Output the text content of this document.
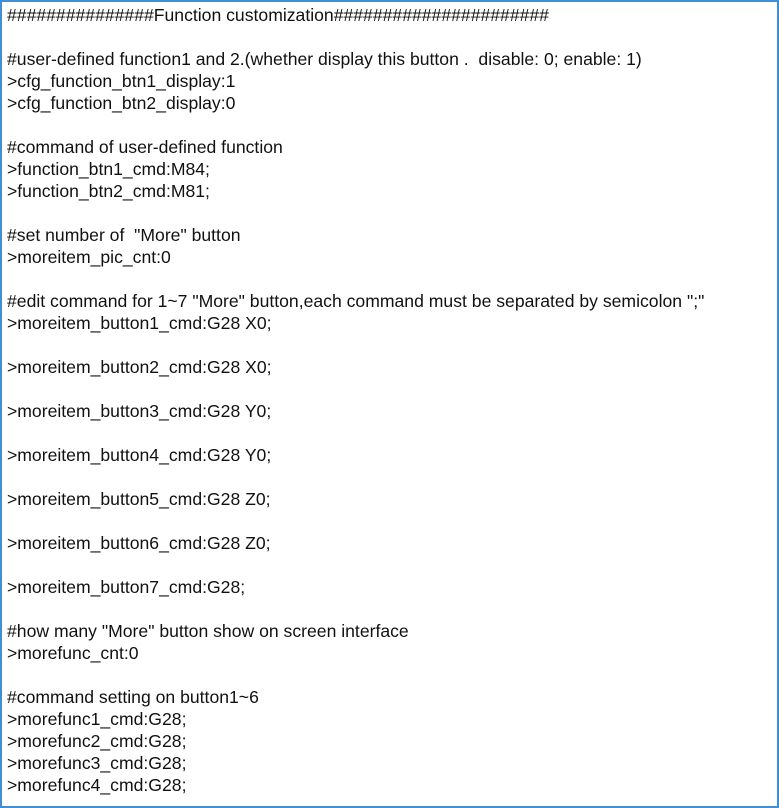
###############Function customization######################
#user-defined function1 and 2.(whether display this button .  disable: 0; enable: 1)
>cfg_function_btn1_display:1
>cfg_function_btn2_display:0
#command of user-defined function
>function_btn1_cmd:M84;
>function_btn2_cmd:M81;
#set number of  "More" button
>moreitem_pic_cnt:0
#edit command for 1~7 "More" button,each command must be separated by semicolon ";"
>moreitem_button1_cmd:G28 X0;
>moreitem_button2_cmd:G28 X0;
>moreitem_button3_cmd:G28 Y0;
>moreitem_button4_cmd:G28 Y0;
>moreitem_button5_cmd:G28 Z0;
>moreitem_button6_cmd:G28 Z0;
>moreitem_button7_cmd:G28;
#how many "More" button show on screen interface
>morefunc_cnt:0
#command setting on button1~6
>morefunc1_cmd:G28;
>morefunc2_cmd:G28;
>morefunc3_cmd:G28;
>morefunc4_cmd:G28;
